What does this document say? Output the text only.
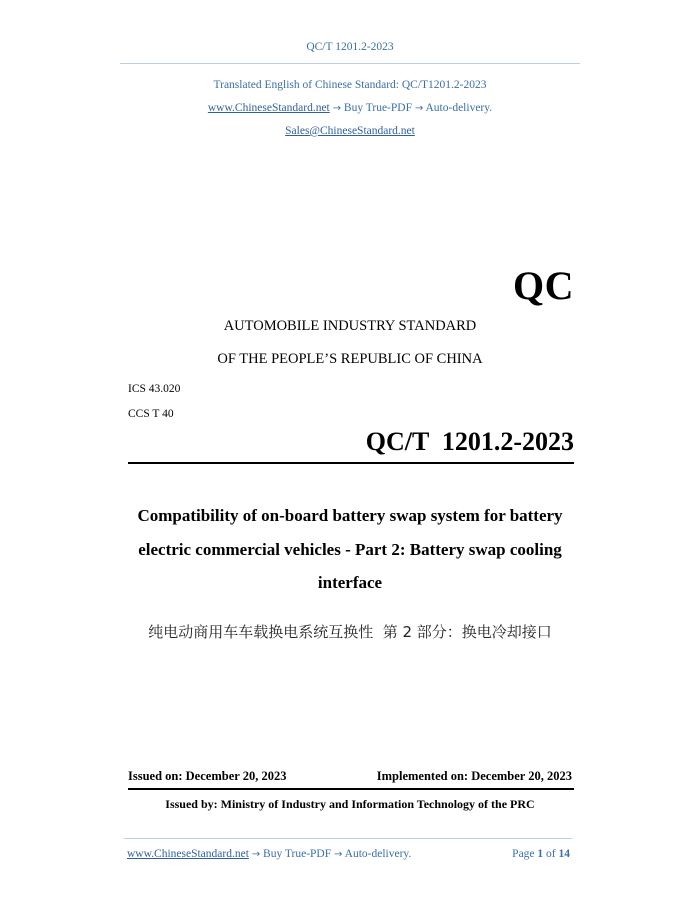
QC/T 1201.2-2023
Translated English of Chinese Standard: QC/T1201.2-2023
www.ChineseStandard.net → Buy True-PDF → Auto-delivery.
Sales@ChineseStandard.net
QC
AUTOMOBILE INDUSTRY STANDARD
OF THE PEOPLE’S REPUBLIC OF CHINA
ICS 43.020
CCS T 40
QC/T  1201.2-2023
Compatibility of on-board battery swap system for battery
electric commercial vehicles - Part 2: Battery swap cooling
interface
纯电动商用车车载换电系统互换性  第 2 部分：换电冷却接口
Issued on: December 20, 2023	Implemented on: December 20, 2023
Issued by: Ministry of Industry and Information Technology of the PRC
www.ChineseStandard.net → Buy True-PDF → Auto-delivery.	Page 1 of 14
